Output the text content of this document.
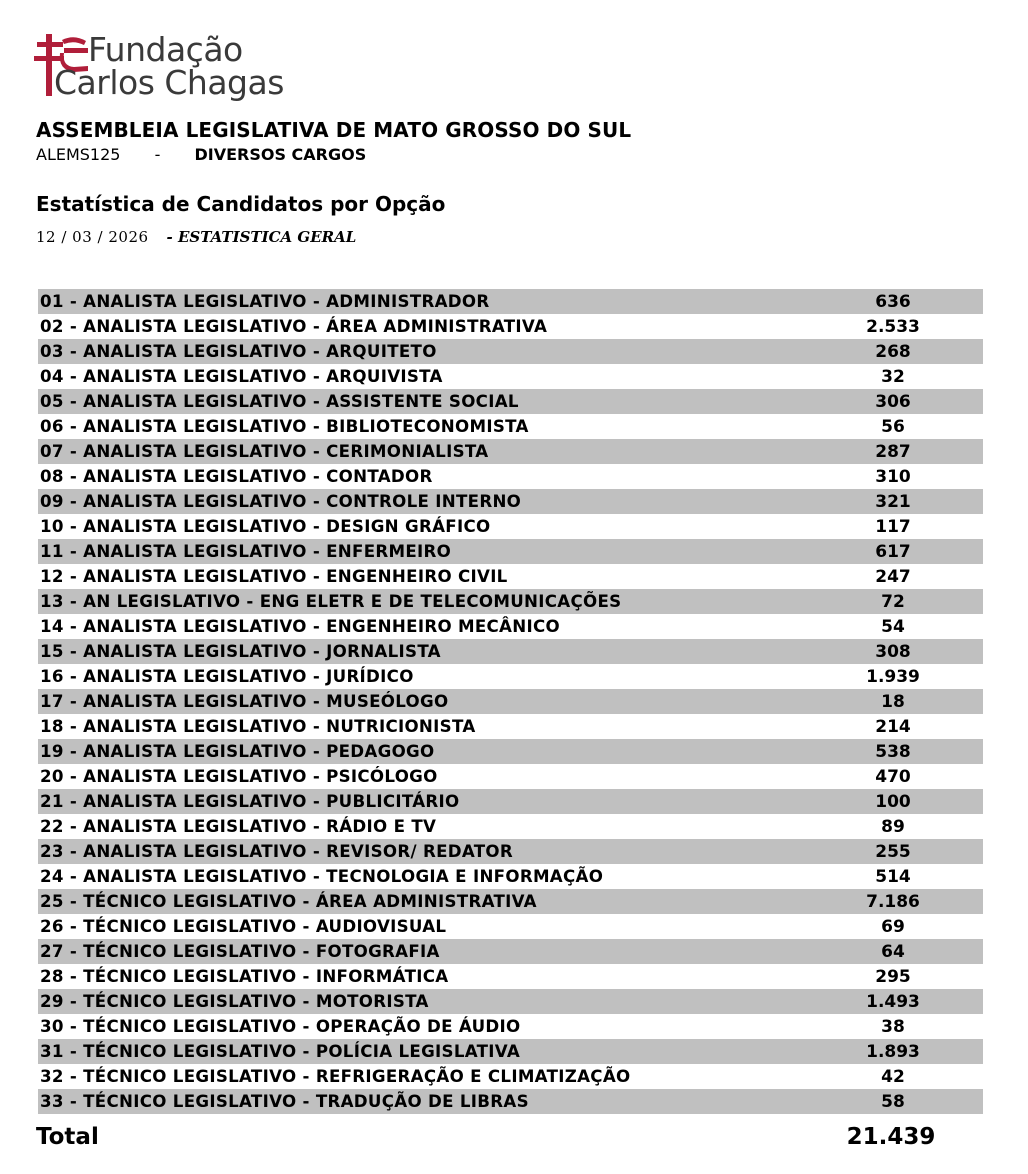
Fundação
Carlos Chagas
ASSEMBLEIA LEGISLATIVA DE MATO GROSSO DO SUL
ALEMS125 - DIVERSOS CARGOS
Estatística de Candidatos por Opção
12 / 03 / 2026 - ESTATISTICA GERAL
01 - ANALISTA LEGISLATIVO - ADMINISTRADOR	636
02 - ANALISTA LEGISLATIVO - ÁREA ADMINISTRATIVA	2.533
03 - ANALISTA LEGISLATIVO - ARQUITETO	268
04 - ANALISTA LEGISLATIVO - ARQUIVISTA	32
05 - ANALISTA LEGISLATIVO - ASSISTENTE SOCIAL	306
06 - ANALISTA LEGISLATIVO - BIBLIOTECONOMISTA	56
07 - ANALISTA LEGISLATIVO - CERIMONIALISTA	287
08 - ANALISTA LEGISLATIVO - CONTADOR	310
09 - ANALISTA LEGISLATIVO - CONTROLE INTERNO	321
10 - ANALISTA LEGISLATIVO - DESIGN GRÁFICO	117
11 - ANALISTA LEGISLATIVO - ENFERMEIRO	617
12 - ANALISTA LEGISLATIVO - ENGENHEIRO CIVIL	247
13 - AN LEGISLATIVO - ENG ELETR E DE TELECOMUNICAÇÕES	72
14 - ANALISTA LEGISLATIVO - ENGENHEIRO MECÂNICO	54
15 - ANALISTA LEGISLATIVO - JORNALISTA	308
16 - ANALISTA LEGISLATIVO - JURÍDICO	1.939
17 - ANALISTA LEGISLATIVO - MUSEÓLOGO	18
18 - ANALISTA LEGISLATIVO - NUTRICIONISTA	214
19 - ANALISTA LEGISLATIVO - PEDAGOGO	538
20 - ANALISTA LEGISLATIVO - PSICÓLOGO	470
21 - ANALISTA LEGISLATIVO - PUBLICITÁRIO	100
22 - ANALISTA LEGISLATIVO - RÁDIO E TV	89
23 - ANALISTA LEGISLATIVO - REVISOR/ REDATOR	255
24 - ANALISTA LEGISLATIVO - TECNOLOGIA E INFORMAÇÃO	514
25 - TÉCNICO LEGISLATIVO - ÁREA ADMINISTRATIVA	7.186
26 - TÉCNICO LEGISLATIVO - AUDIOVISUAL	69
27 - TÉCNICO LEGISLATIVO - FOTOGRAFIA	64
28 - TÉCNICO LEGISLATIVO - INFORMÁTICA	295
29 - TÉCNICO LEGISLATIVO - MOTORISTA	1.493
30 - TÉCNICO LEGISLATIVO - OPERAÇÃO DE ÁUDIO	38
31 - TÉCNICO LEGISLATIVO - POLÍCIA LEGISLATIVA	1.893
32 - TÉCNICO LEGISLATIVO - REFRIGERAÇÃO E CLIMATIZAÇÃO	42
33 - TÉCNICO LEGISLATIVO - TRADUÇÃO DE LIBRAS	58
Total	21.439
